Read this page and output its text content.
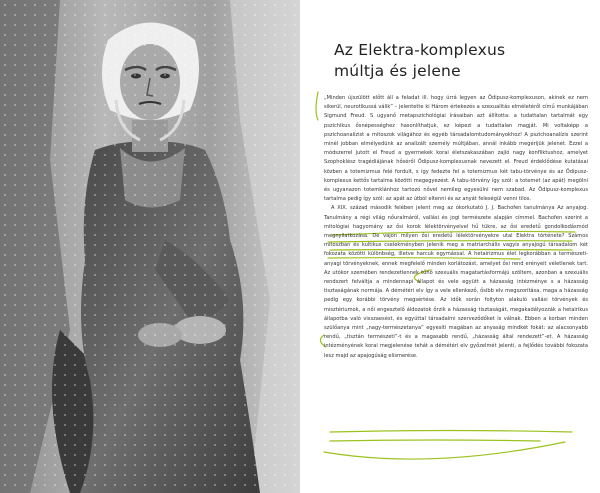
Az Elektra-komplexus
múltja és jelene

„Minden újszülött előtt áll a feladat ill. hogy úrrá legyen az Ödipusz-komplexuson, akinek ez nem sikerül, neurotikussá válik” – jelentette ki Három értekezés a szexualitás elméletéről című munkájában Sigmund Freud. S ugyanő metapszichológiai írásaiban azt állította: a tudattalan tartalmát egy pszichikus ősnépességhez hasonlíthatjuk, ez képezi a tudattalan magját. Mi voltaképp a pszichoanalízist a mitoszok világához és egyéb társadalomtudományokhoz! A pszichoanalízis szerint minél jobban elmélyedünk az analizált személy múltjában, annál inkább megérijük jelenét. Ezzel a módszerrel jutott el Freud a gyermekek korai életszakaszában zajló nagy konfliktushoz, amelyet Szophoklész tragédiájának hőséről Ödipusz-komplexusnak nevezett el. Freud érdeklődése kutatásai közben a totemizmus felé fordult, s így fedezte fel a totemizmus két tabu-törvénye és az Ödipusz-komplexus kettős tartalma közötti megegyezést. A tabu-törvény így szól: a totemet (az apát) megölni és ugyanazon totemklánhoz tartozó nővel nemileg egyesülni nem szabad. Az Ödipusz-komplexus tartalma pedig így szól: az apát az útból eltenni és az anyát feleségül venni tilos.

A XIX. század második felében jelent meg az ókorkutató J. J. Bachofen tanulmánya Az anyajog. Tanulmány a régi világ nőuralmáról, vallási és jogi természete alapján címmel. Bachofen szerint a mitológiai hagyomány az ősi korok lélektörvényeivel hű tükre, az ősi eredetű gondolkodásmód megnyilatkozása. De vajon milyen ősi eredetű lélektörvényekre utal Elektra története? Számos mitoszban és kultikus cselekményben jelenik meg a matriarchális vagyis anyajogú társadalom két fokozata közötti különbség, illetve harcuk egymással. A hetairizmus élet legkorábban a természeti-anyagi törvényeknek, ennek megfelelő minden korlátozást, amelyet ősi rend erényeit véletlenek tart. Az utókor szemében rendezetlennek tűnő szexuális magatartásformájú szöltem, azonban a szexuális rendszert felváltja a mindennapi állapot és vele együtt a házasság intézménye s a házasság tisztaságának normája. A démétéri elv így a vele ellenkező, ősibb elv megszorítása, maga a házasság pedig egy korábbi törvény megsértése. Az idők során foltyton alakuló vallási törvények és misztériumok, a női engesztelő áldozatok őrzik a házasság tisztaságát, megakadályozzák a hetairikus állapotba való visszaesést, és egyúttal társadalmi szerveződőket is válnak. Ebben a korban minden szülőanya mint „nagy-természetanya” egyesíti magában az anyaság mindkét fokát: az alacsonyabb rendű, „tisztán természeti”-t és a magasabb rendű, „házasság által rendezett”-et. A házasság intézményének korai megjelenése tehát a démétéri elv győzelmét jelenti, a fejlődés további fokozata lesz majd az apajogúság elismerése.
